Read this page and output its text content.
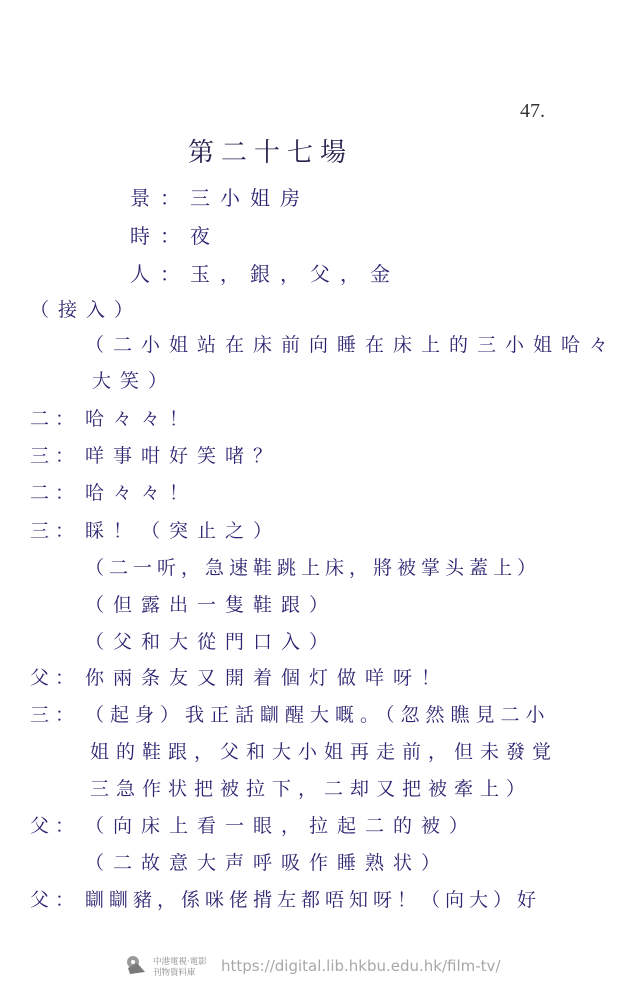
47.
第二十七場
景：三小姐房
時：夜
人：玉，銀，父，金
（接入）
（二小姐站在床前向睡在床上的三小姐哈々
大笑）
二： 哈々々！
三： 咩事咁好笑啫？
二： 哈々々！
三： 睬！（突止之）
（二一听，急速鞋跳上床，將被掌头蓋上）
（但露出一隻鞋跟）
（父和大從門口入）
父： 你兩条友又開着個灯做咩呀！
三： （起身）我正話瞓醒大嘅。（忽然瞧見二小
姐的鞋跟，父和大小姐再走前，但未發覚
三急作状把被拉下，二却又把被牽上）
父： （向床上看一眼，拉起二的被）
（二故意大声呼吸作睡熟状）
父： 瞓瞓豬，係咪佬揹左都唔知呀！（向大）好
中港電視·電影
刊物資料庫 https://digital.lib.hkbu.edu.hk/film-tv/
